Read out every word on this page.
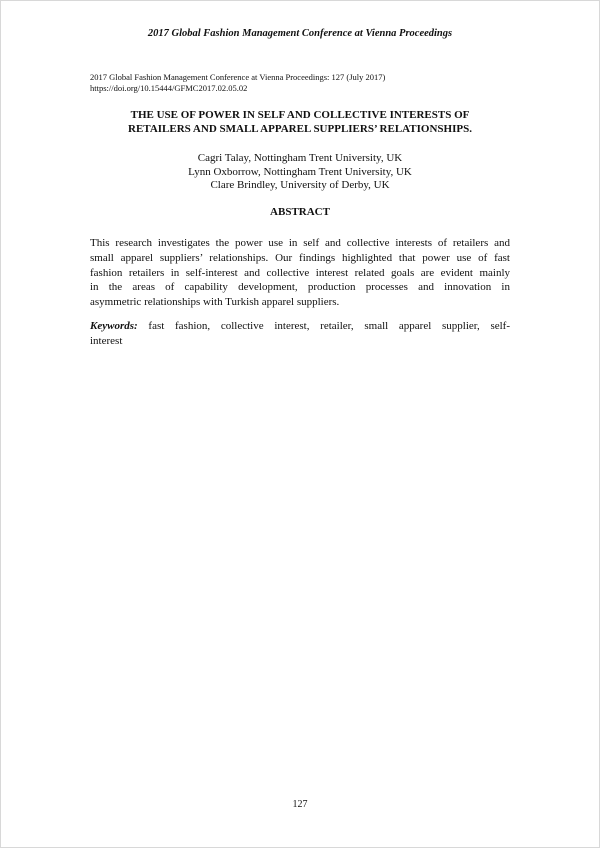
2017 Global Fashion Management Conference at Vienna Proceedings
2017 Global Fashion Management Conference at Vienna Proceedings: 127 (July 2017)
https://doi.org/10.15444/GFMC2017.02.05.02
THE USE OF POWER IN SELF AND COLLECTIVE INTERESTS OF
RETAILERS AND SMALL APPAREL SUPPLIERS’ RELATIONSHIPS.
Cagri Talay, Nottingham Trent University, UK
Lynn Oxborrow, Nottingham Trent University, UK
Clare Brindley, University of Derby, UK
ABSTRACT
This research investigates the power use in self and collective interests of retailers and
small apparel suppliers’ relationships. Our findings highlighted that power use of fast
fashion retailers in self-interest and collective interest related goals are evident mainly
in the areas of capability development, production processes and innovation in
asymmetric relationships with Turkish apparel suppliers.
Keywords: fast fashion, collective interest, retailer, small apparel supplier, self-
interest
127
